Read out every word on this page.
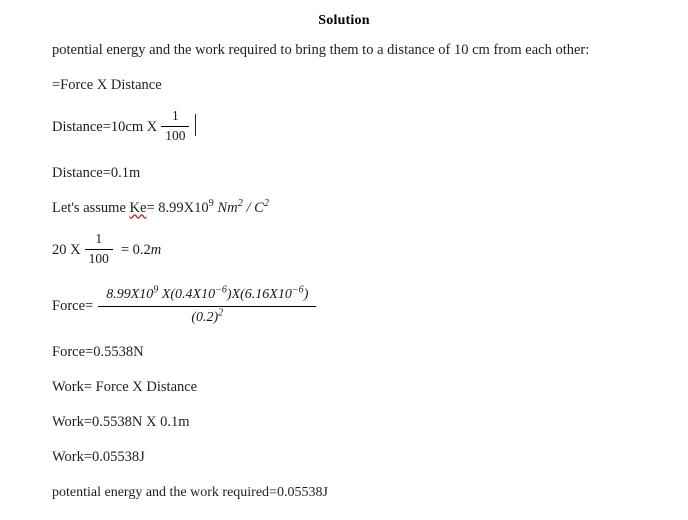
Solution
potential energy and the work required to bring them to a distance of 10 cm from each other:
=Force X Distance
Distance=10cm X $\frac{1}{100}$
Distance=0.1m
Let's assume $Ke= 8.99X10^9$ $Nm^2 / C^2$
20 X $\frac{1}{100} = 0.2$ m
Force= $\frac{8.99X10^9 X(0.4X10^{-6})X(6.16X10^{-6})}{(0.2)^2}$
Force=0.5538N
Work= Force X Distance
Work=0.5538N X 0.1m
Work=0.05538J
potential energy and the work required=0.05538J
